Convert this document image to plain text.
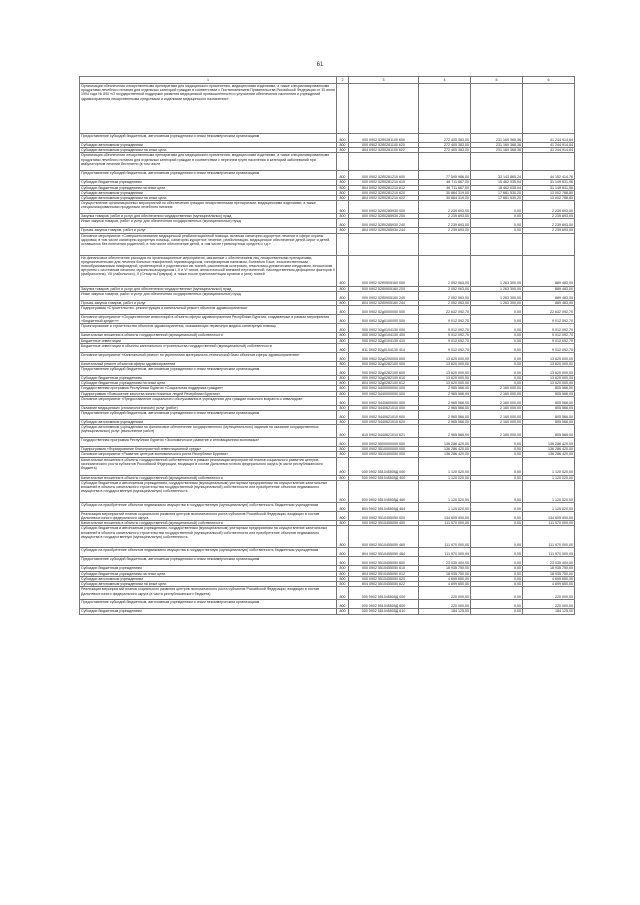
61
1	2	3	4	5	6
Организация обеспечения лекарственными препаратами для медицинского применения, медицинскими изделиями, а также специализированными продуктами лечебного питания для отдельных категорий граждан в соответствии с Постановлением Правительства Российской Федерации от 30 июля 1994 года № 890 «О государственной поддержке развития медицинской промышленности и улучшении обеспечения населения и учреждений здравоохранения лекарственными средствами и изделиями медицинского назначения»					
Предоставление субсидий бюджетным, автономным учреждениям и иным некоммерческим организациям	800	000 0902 52б0281100 600	272 405 383,00	231 160 368,36	41 244 914,64
Субсидии автономным учреждениям	800	000 0902 52б0281100 620	272 405 383,00	231 160 368,36	41 244 914,64
Субсидии автономным учреждениям на иные цели	800	804 0902 52б0281100 622	272 405 383,00	231 160 368,36	41 244 914,64
Организация обеспечения лекарственными препаратами для медицинского применения, медицинскими изделиями, а также специализированными продуктами лечебного питания для отдельных категорий граждан в соответствии с перечнем групп населения и категорий заболеваний при амбулаторном лечении бесплатно (в том числе					
Предоставление субсидий бюджетным, автономным учреждениям и иным некоммерческим организациям	800	000 0902 52б0281210 600	77 595 986,00	33 143 865,24	44 152 414,76
Субсидии бюджетным учреждениям	800	000 0902 52б0281210 610	46 711 667,00	15 462 035,04	31 149 631,96
Субсидии бюджетным учреждениям на иные цели	800	804 0902 52б0281210 612	46 711 667,00	15 462 035,04	31 149 631,96
Субсидии автономным учреждениям	800	000 0902 52б0281210 620	30 884 319,00	17 681 530,20	13 002 788,80
Субсидии автономным учреждениям на иные цели	800	804 0902 52б0281210 622	30 884 319,00	17 681 530,20	13 002 788,80
Осуществление организационных мероприятий по обеспечению граждан лекарственными препаратами, медицинскими изделиями, а также специализированными продуктами лечебного питания	800	000 0902 52б0285930 000	2 239 693,00	0,00	2 239 693,00
Закупка товаров, работ и услуг для обеспечения государственных (муниципальных) нужд	800	000 0902 52б0285930 200	2 239 693,00	0,00	2 239 693,00
Иные закупки товаров, работ и услуг для обеспечения государственных (муниципальных) нужд	800	000 0902 52б0285930 240	2 239 693,00	0,00	2 239 693,00
Прочая закупка товаров, работ и услуг	800	804 0902 52б0285930 244	2 239 693,00	0,00	2 239 693,00
Основное мероприятие «Совершенствование медицинской реабилитационной помощи, включая санаторно-курортное лечение в сфере охраны здоровья, в том числе санаторно-курортную помощь, санаторно-курортное лечение, реабилитацию, медицинское обеспечение детей-сирот и детей, оставшихся без попечения родителей, в том числе обеспечение детей, в том числе транспортных средств и т.д.»					
На финансовое обеспечение расходов на организационные мероприятия, связанные с обеспечением лиц лекарственными препаратами, предназначенными для лечения больных гемофилией, муковисцидозом, гипофизарным нанизмом, болезнью Гоше, злокачественными новообразованиями лимфоидной, кроветворной и родственных им тканей, рассеянным склерозом, гемолитико-уремическим синдромом, юношеским артритом с системным началом, мукополисахаридозом I, II и VI типов, апластической анемией неуточненной, наследственным дефицитом факторов II (фибриногена), VII (лабильного), X (Стюарта-Прауэра), а также после трансплантации органов и (или) тканей	800	000 0902 52б0905160 000	2 052 063,00	1 263 300,00	889 483,00
Закупка товаров, работ и услуг для обеспечения государственных (муниципальных) нужд	800	000 0902 52б0905160 200	2 052 063,00	1 263 300,00	889 483,00
Иные закупки товаров, работ и услуг для обеспечения государственных (муниципальных) нужд	800	000 0902 52б0905160 240	2 052 063,00	1 263 300,00	889 483,00
Прочая закупка товаров, работ и услуг	800	804 0902 52б0905160 244	2 052 063,00	1 263 300,00	889 483,00
Подпрограмма «Строительство, реконструкция и капитальный ремонт объектов здравоохранения»	800	000 0902 52д0000000 000	22 632 092,70	0,00	22 632 092,70
Основное мероприятие «Осуществление инвестиций в объекты сферы здравоохранения Республики Бурятия, создаваемые в рамках мероприятия «Бюджетный кредит»»	800	000 0902 52д0100000 000	9 012 092,70	0,00	9 012 092,70
Проектирование и строительство объектов здравоохранения, оказывающих первичную медико-санитарную помощь	800	000 0902 52д0104130 000	9 012 092,70	0,00	9 012 092,70
Капитальные вложения в объекты государственной (муниципальной) собственности	800	000 0902 52д0104130 400	9 012 092,70	0,00	9 012 092,70
Бюджетные инвестиции	800	000 0902 52д0104130 410	9 012 092,70	0,00	9 012 092,70
Бюджетные инвестиции в объекты капитального строительства государственной (муниципальной) собственности	800	811 0902 52д0104130 414	9 012 092,70	0,00	9 012 092,70
Основное мероприятие «Капитальный ремонт по укреплению материально-технической базы объектов сферы здравоохранения»	800	000 0902 52д0200000 000	13 620 000,00	0,00	13 620 000,00
Капитальный ремонт объектов сферы здравоохранения	800	000 0902 52д0282100 000	13 620 000,00	0,00	13 620 000,00
Предоставление субсидий бюджетным, автономным учреждениям и иным некоммерческим организациям	800	000 0902 52д0282100 600	13 620 000,00	0,00	13 620 000,00
Субсидии бюджетным учреждениям	800	000 0902 52д0282100 610	13 620 000,00	0,00	13 620 000,00
Субсидии бюджетным учреждениям на иные цели	800	804 0902 52д0282100 612	13 620 000,00	0,00	13 620 000,00
Государственная программа Республики Бурятия «Социальная поддержка граждан»	800	000 0902 5400000000 000	2 965 566,00	2 160 000,00	805 566,00
Подпрограмма «Повышение качества жизни пожилых людей Республики Бурятия»	800	000 0902 5440000000 000	2 965 566,00	2 160 000,00	805 566,00
Основное мероприятие «Предоставление социального обслуживания в учреждениях для граждан пожилого возраста и инвалидов»	800	000 0902 5440600000 000	2 965 566,00	2 160 000,00	805 566,00
Оказание медицинских (стоматологических) услуг (работ)	800	000 0902 5440621010 000	2 965 566,00	2 160 000,00	805 566,00
Предоставление субсидий бюджетным, автономным учреждениям и иным некоммерческим организациям	800	000 0902 5440621010 600	2 965 566,00	2 160 000,00	805 566,00
Субсидии автономным учреждениям	800	000 0902 5440621010 620	2 965 566,00	2 160 000,00	805 566,00
Субсидии автономным учреждениям на финансовое обеспечение государственного (муниципального) задания на оказание государственных (муниципальных) услуг (выполнение работ)	800	815 0902 5440621010 621	2 965 566,00	2 160 000,00	805 566,00
Государственная программа Республики Бурятия «Экономическое развитие и инновационная экономика»	800	000 0902 5500000000 000	136 286 420,00	0,00	136 286 420,00
Подпрограмма «Формирование благоприятной инвестиционной среды»	800	000 0902 5510000000 000	136 286 420,00	0,00	136 286 420,00
Основное мероприятие «Развитие центров экономического роста Республики Бурятия»	800	000 0902 5510400000 000	136 286 420,00	0,00	136 286 420,00
Капитальные вложения в объекты государственной собственности в рамках реализации мероприятий планов социального развития центров экономического роста субъектов Российской Федерации, входящих в состав Дальневосточного федерального округа (в части республиканского бюджета)	800	000 0902 551045505Д 000	1 120 020,00	0,00	1 120 020,00
Капитальные вложения в объекты государственной (муниципальной) собственности	800	000 0902 551045505Д 400	1 120 020,00	0,00	1 120 020,00
Субсидии бюджетным и автономным учреждениям, государственным (муниципальным) унитарным предприятиям на осуществление капитальных вложений в объекты капитального строительства государственной (муниципальной) собственности или приобретение объектов недвижимого имущества в государственную (муниципальную) собственность	800	000 0902 551045505Д 460	1 120 020,00	0,00	1 120 020,00
Субсидии на приобретение объектов недвижимого имущества в государственную (муниципальную) собственность бюджетным учреждениям	800	804 0902 551045505Д 464	1 120 020,00	0,00	1 120 020,00
Реализация мероприятий планов социального развития центров экономического роста субъектов Российской Федерации, входящих в состав Дальневосточного федерального округа	800	000 0902 5510455050 000	134 605 400,00	0,00	134 605 400,00
Капитальные вложения в объекты государственной (муниципальной) собственности	800	000 0902 5510455050 400	111 970 000,00	0,00	111 970 000,00
Субсидии бюджетным и автономным учреждениям, государственным (муниципальным) унитарным предприятиям на осуществление капитальных вложений в объекты капитального строительства государственной (муниципальной) собственности или приобретение объектов недвижимого имущества в государственную (муниципальную) собственность	800	000 0902 5510455050 460	111 970 000,00	0,00	111 970 000,00
Субсидии на приобретение объектов недвижимого имущества в государственную (муниципальную) собственность бюджетным учреждениям	800	804 0902 5510455050 464	111 970 000,00	0,00	111 970 000,00
Предоставление субсидий бюджетным, автономным учреждениям и иным некоммерческим организациям	800	000 0902 5510455050 600	23 035 400,00	0,00	23 035 400,00
Субсидии бюджетным учреждениям	800	000 0902 5510455050 610	18 935 750,00	0,00	18 935 750,00
Субсидии бюджетным учреждениям на иные цели	800	804 0902 5510455050 612	18 935 750,00	0,00	18 935 750,00
Субсидии автономным учреждениям	800	000 0902 5510455050 620	4 699 650,00	0,00	4 699 650,00
Субсидии автономным учреждениям на иные цели	800	804 0902 5510455050 622	4 699 650,00	0,00	4 699 650,00
Реализация мероприятий планов социального развития центров экономического роста субъектов Российской Федерации, входящих в состав Дальневосточного федерального округа (в части республиканского бюджета)	800	000 0902 551045505Д 000	220 000,00	0,00	220 000,00
Предоставление субсидий бюджетным, автономным учреждениям и иным некоммерческим организациям	800	000 0902 551045505Д 600	220 000,00	0,00	220 000,00
Субсидии бюджетным учреждениям	800	000 0902 551045505Д 610	184 125,00	0,00	184 125,00
